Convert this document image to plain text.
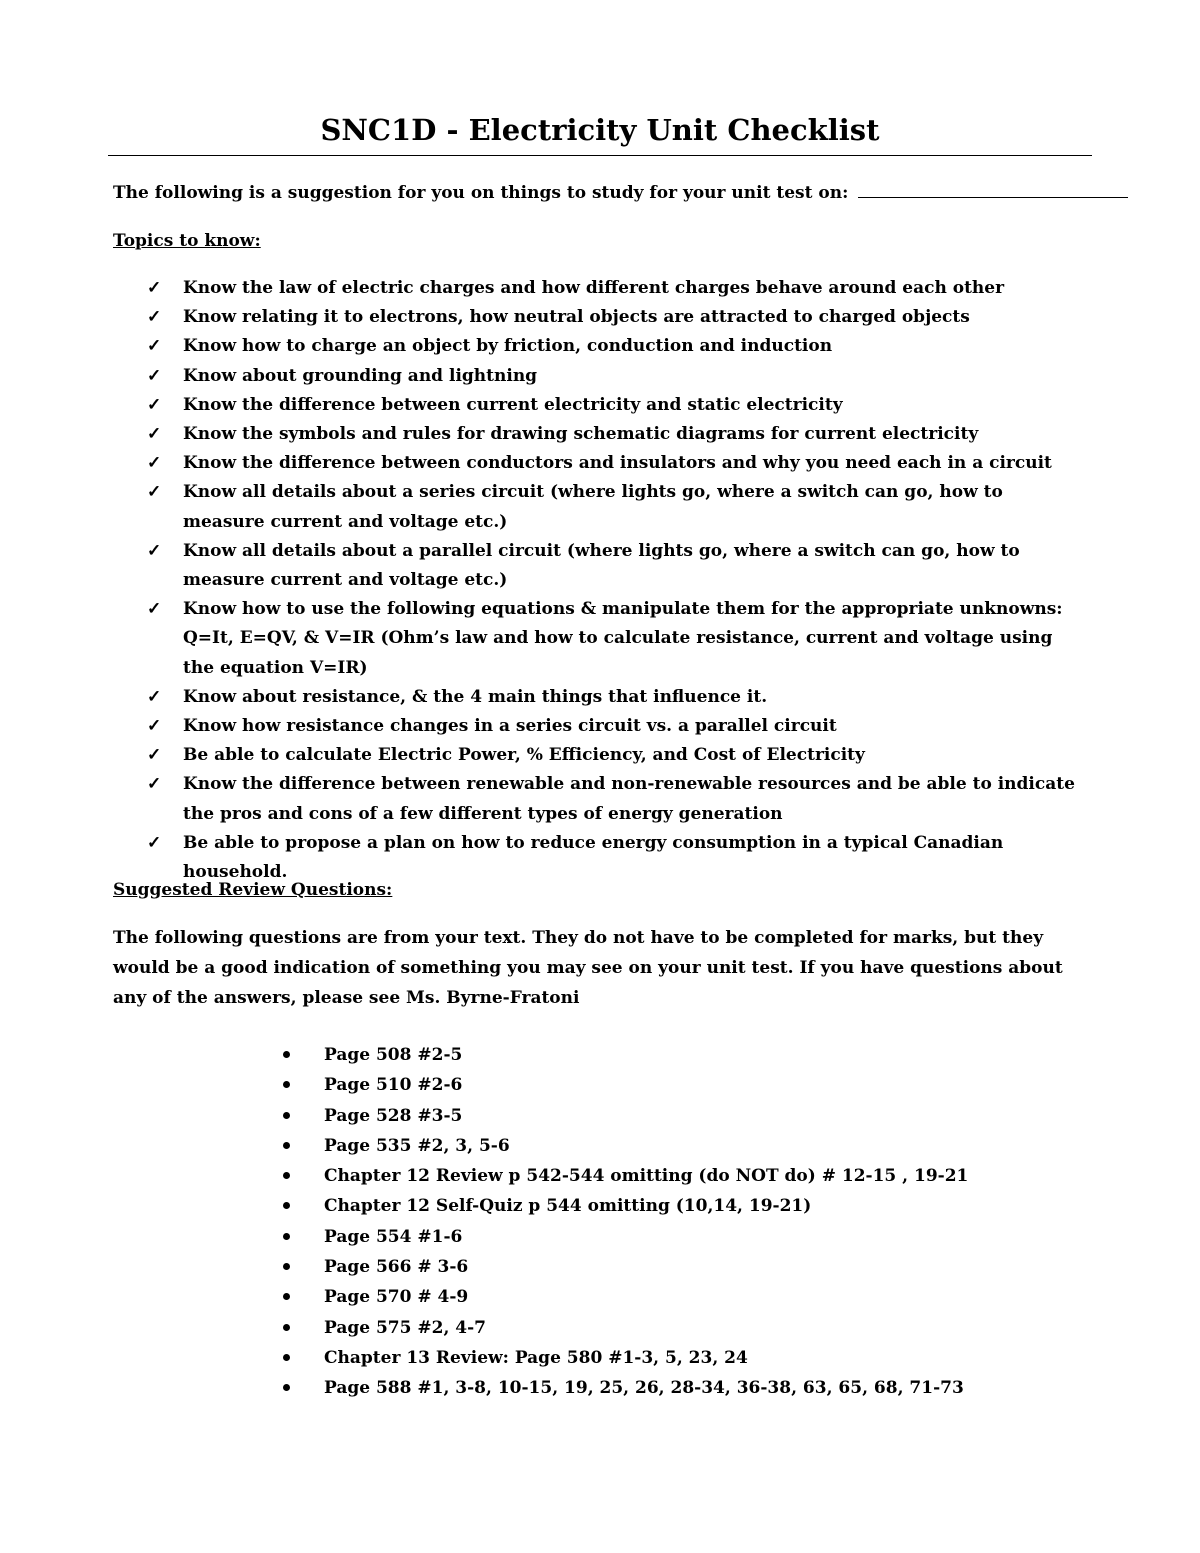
SNC1D - Electricity Unit Checklist
The following is a suggestion for you on things to study for your unit test on:
Topics to know:
✓ Know the law of electric charges and how different charges behave around each other
✓ Know relating it to electrons, how neutral objects are attracted to charged objects
✓ Know how to charge an object by friction, conduction and induction
✓ Know about grounding and lightning
✓ Know the difference between current electricity and static electricity
✓ Know the symbols and rules for drawing schematic diagrams for current electricity
✓ Know the difference between conductors and insulators and why you need each in a circuit
✓ Know all details about a series circuit (where lights go, where a switch can go, how to measure current and voltage etc.)
✓ Know all details about a parallel circuit (where lights go, where a switch can go, how to measure current and voltage etc.)
✓ Know how to use the following equations & manipulate them for the appropriate unknowns: Q=It, E=QV, & V=IR (Ohm’s law and how to calculate resistance, current and voltage using the equation V=IR)
✓ Know about resistance, & the 4 main things that influence it.
✓ Know how resistance changes in a series circuit vs. a parallel circuit
✓ Be able to calculate Electric Power, % Efficiency, and Cost of Electricity
✓ Know the difference between renewable and non-renewable resources and be able to indicate the pros and cons of a few different types of energy generation
✓ Be able to propose a plan on how to reduce energy consumption in a typical Canadian household.
Suggested Review Questions:

The following questions are from your text. They do not have to be completed for marks, but they would be a good indication of something you may see on your unit test. If you have questions about any of the answers, please see Ms. Byrne-Fratoni

Page 508 #2-5
Page 510 #2-6
Page 528 #3-5
Page 535 #2, 3, 5-6
Chapter 12 Review p 542-544 omitting (do NOT do) # 12-15 , 19-21
Chapter 12 Self-Quiz p 544 omitting (10,14, 19-21)
Page 554 #1-6
Page 566 # 3-6
Page 570 # 4-9
Page 575 #2, 4-7
Chapter 13 Review: Page 580 #1-3, 5, 23, 24
Page 588 #1, 3-8, 10-15, 19, 25, 26, 28-34, 36-38, 63, 65, 68, 71-73
